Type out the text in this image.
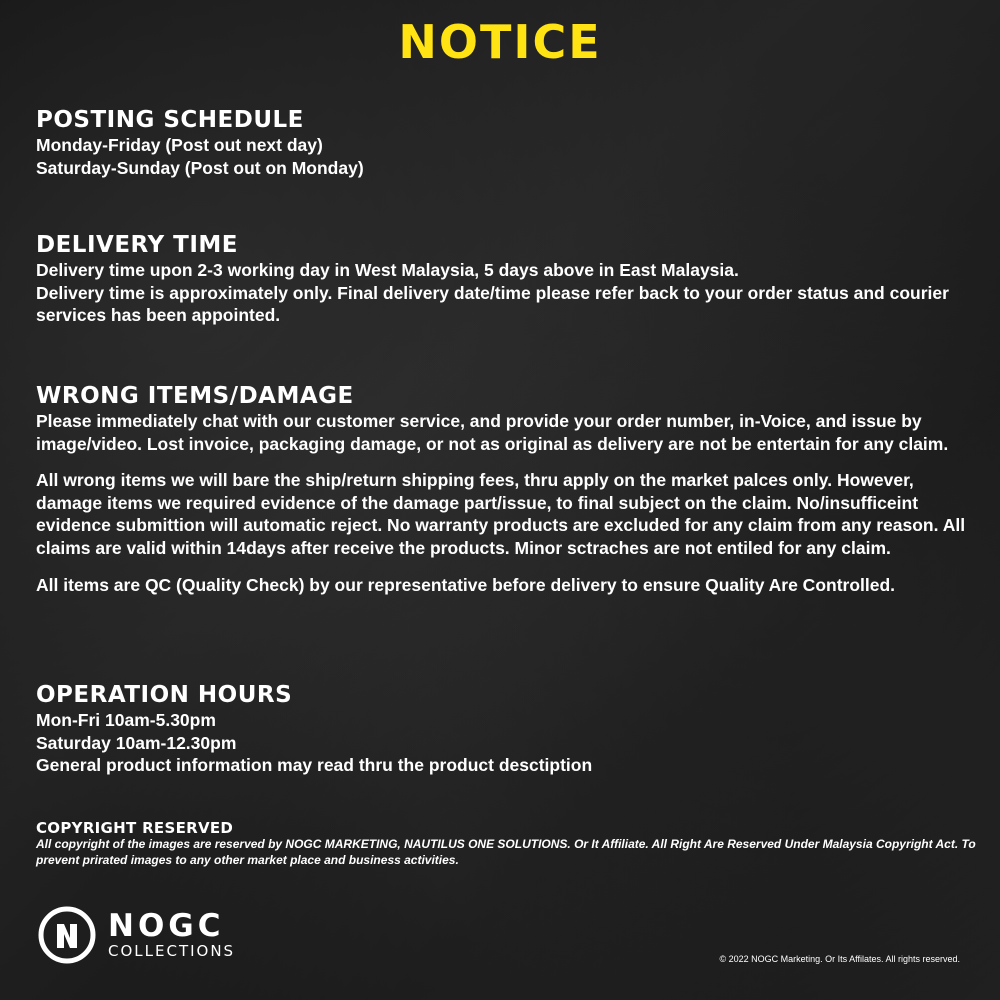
NOTICE
POSTING SCHEDULE
Monday-Friday (Post out next day)
Saturday-Sunday (Post out on Monday)
DELIVERY TIME
Delivery time upon 2-3 working day in West Malaysia, 5 days above in East Malaysia.
Delivery time is approximately only. Final delivery date/time please refer back to your order status and courier services has been appointed.
WRONG ITEMS/DAMAGE
Please immediately chat with our customer service, and provide your order number, in-Voice, and issue by image/video. Lost invoice, packaging damage, or not as original as delivery are not be entertain for any claim.
All wrong items we will bare the ship/return shipping fees, thru apply on the market palces only. However, damage items we required evidence of the damage part/issue, to final subject on the claim. No/insufficeint evidence submittion will automatic reject. No warranty products are excluded for any claim from any reason. All claims are valid within 14days after receive the products. Minor sctraches are not entiled for any claim.
All items are QC (Quality Check) by our representative before delivery to ensure Quality Are Controlled.
OPERATION HOURS
Mon-Fri 10am-5.30pm
Saturday 10am-12.30pm
General product information may read thru the product desctiption
COPYRIGHT RESERVED
All copyright of the images are reserved by NOGC MARKETING, NAUTILUS ONE SOLUTIONS. Or It Affiliate. All Right Are Reserved Under Malaysia Copyright Act. To prevent prirated images to any other market place and business activities.
NOGC
COLLECTIONS	© 2022 NOGC Marketing. Or Its Affilates. All rights reserved.
